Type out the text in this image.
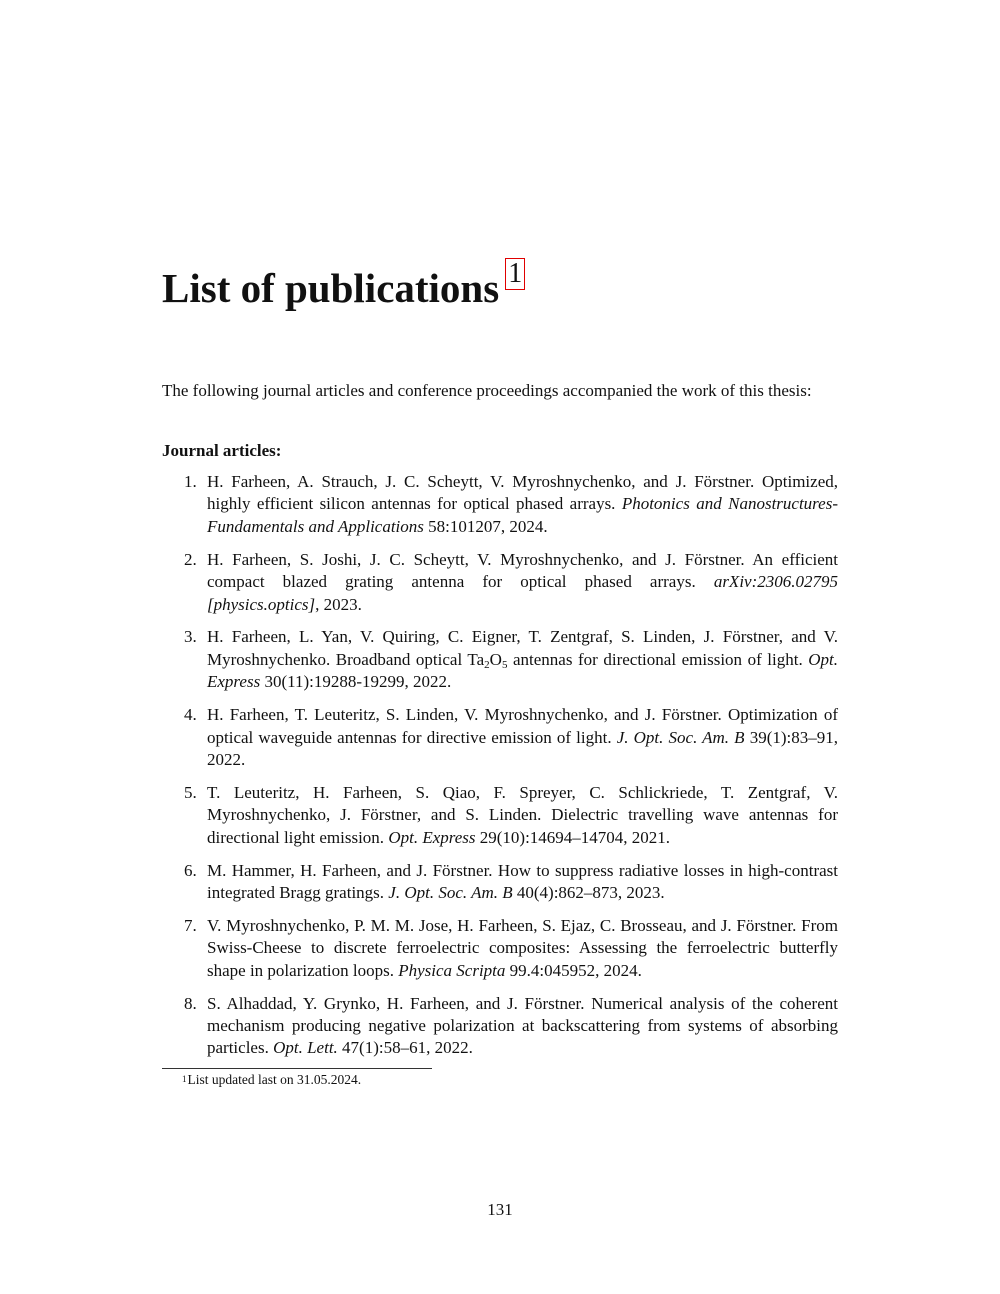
List of publications 1

The following journal articles and conference proceedings accompanied the work of this thesis:

Journal articles:

1. H. Farheen, A. Strauch, J. C. Scheytt, V. Myroshnychenko, and J. Förstner. Optimized, highly efficient silicon antennas for optical phased arrays. Photonics and Nanostructures-Fundamentals and Applications 58:101207, 2024.
2. H. Farheen, S. Joshi, J. C. Scheytt, V. Myroshnychenko, and J. Förstner. An efficient compact blazed grating antenna for optical phased arrays. arXiv:2306.02795 [physics.optics], 2023.
3. H. Farheen, L. Yan, V. Quiring, C. Eigner, T. Zentgraf, S. Linden, J. Förstner, and V. Myroshnychenko. Broadband optical $Ta_2O_5$ antennas for directional emission of light. Opt. Express 30(11):19288-19299, 2022.
4. H. Farheen, T. Leuteritz, S. Linden, V. Myroshnychenko, and J. Förstner. Optimization of optical waveguide antennas for directive emission of light. J. Opt. Soc. Am. B 39(1):83–91, 2022.
5. T. Leuteritz, H. Farheen, S. Qiao, F. Spreyer, C. Schlickriede, T. Zentgraf, V. Myroshnychenko, J. Förstner, and S. Linden. Dielectric travelling wave antennas for directional light emission. Opt. Express 29(10):14694–14704, 2021.
6. M. Hammer, H. Farheen, and J. Förstner. How to suppress radiative losses in high-contrast integrated Bragg gratings. J. Opt. Soc. Am. B 40(4):862–873, 2023.
7. V. Myroshnychenko, P. M. M. Jose, H. Farheen, S. Ejaz, C. Brosseau, and J. Förstner. From Swiss-Cheese to discrete ferroelectric composites: Assessing the ferroelectric butterfly shape in polarization loops. Physica Scripta 99.4:045952, 2024.
8. S. Alhaddad, Y. Grynko, H. Farheen, and J. Förstner. Numerical analysis of the coherent mechanism producing negative polarization at backscattering from systems of absorbing particles. Opt. Lett. 47(1):58–61, 2022.

$^1$List updated last on 31.05.2024.

131
